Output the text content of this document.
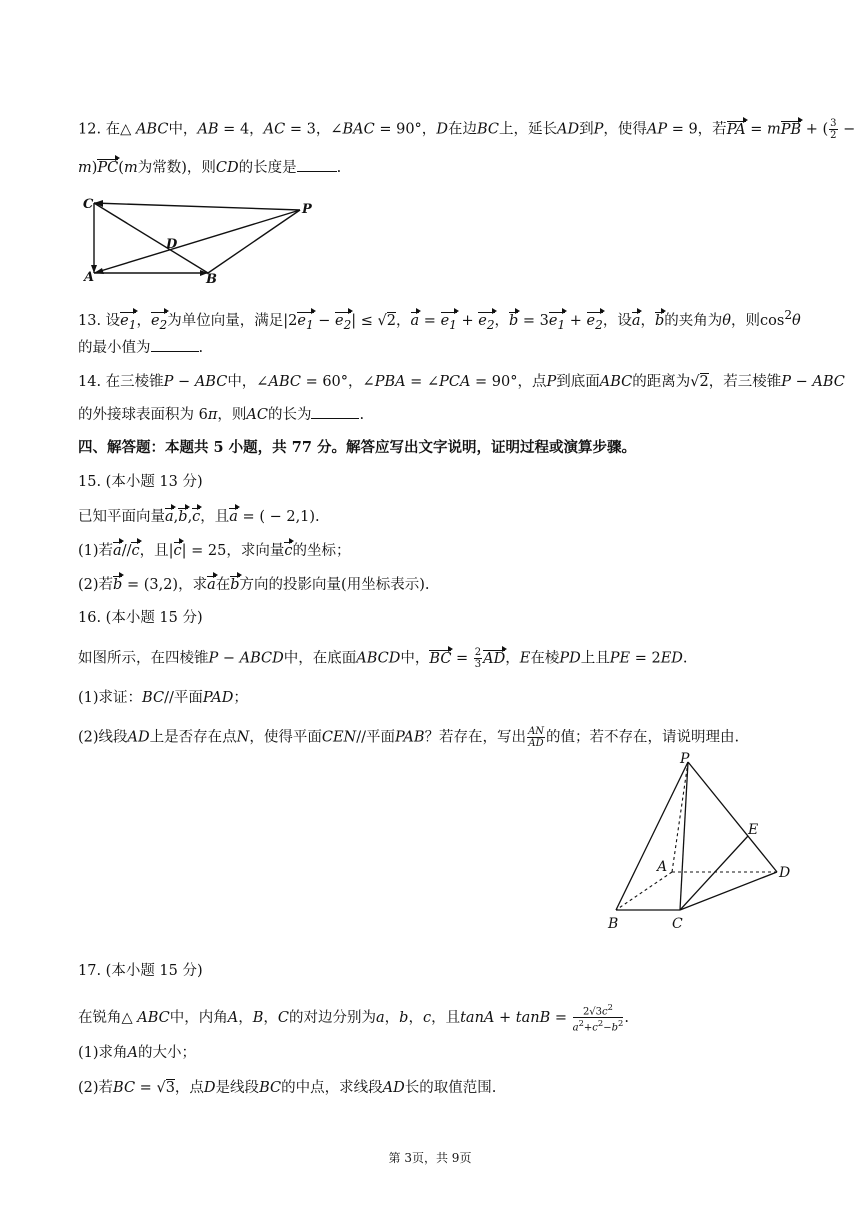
12. 在△ ABC中，AB = 4，AC = 3，∠BAC = 90°，D在边BC上，延长AD到P，使得AP = 9，若PA = mPB + ( $\frac{3}{2}$ −
m)PC(m为常数)，则CD的长度是	.
C	P
D
A	B
13. 设$e_1$，$e_2$为单位向量，满足$|2e_1 - e_2| \le √2$，$a = e_1 + e_2$，$b = 3e_1 + e_2$，设a，b的夹角为θ，则$\cos^2\theta$
的最小值为	.
14. 在三棱锥P − ABC中，∠ABC = 60°，∠PBA = ∠PCA = 90°，点P到底面ABC的距离为√2，若三棱锥P − ABC
的外接球表面积为 6π，则AC的长为	.
四、解答题：本题共 5 小题，共 77 分。解答应写出文字说明，证明过程或演算步骤。
15. (本小题 13 分)
已知平面向量a,b,c，且a = ( − 2,1).
(1)若a//c，且|c| = 25，求向量c的坐标；
(2)若b = (3,2)，求a在b方向的投影向量(用坐标表示).
16. (本小题 15 分)
如图所示，在四棱锥P − ABCD中，在底面ABCD中，BC = $\frac{2}{3}$ AD，E在棱PD上且PE = 2ED.
(1)求证：BC//平面PAD；
(2)线段AD上是否存在点N，使得平面CEN//平面PAB？若存在，写出 $\frac{AN}{AD}$ 的值；若不存在，请说明理由.
P
E
A	D
B	C
17. (本小题 15 分)
在锐角△ ABC中，内角A，B，C的对边分别为a，b，c，且$\tan A + \tan B = \frac{2√3c^2}{a^2+c^2-b^2}$ .
(1)求角A的大小；
(2)若BC = √3，点D是线段BC的中点，求线段AD长的取值范围.
第 3页，共 9页
